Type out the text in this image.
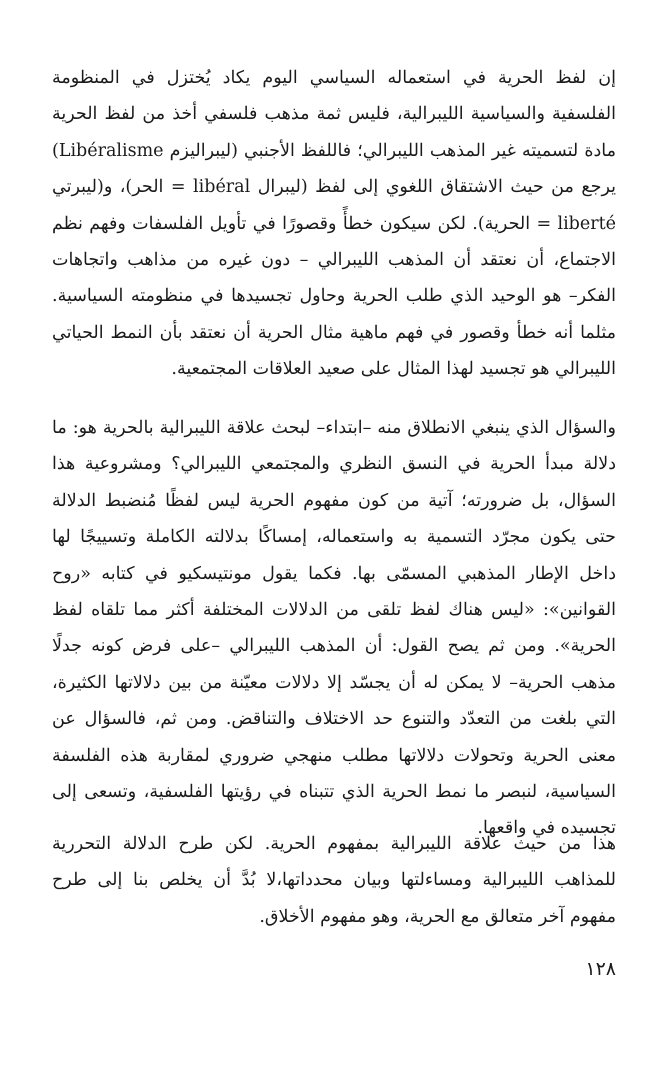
إن لفظ الحرية في استعماله السياسي اليوم يكاد يُختزل في المنظومة الفلسفية والسياسية الليبرالية، فليس ثمة مذهب فلسفي أخذ من لفظ الحرية مادة لتسميته غير المذهب الليبرالي؛ فاللفظ الأجنبي (ليبراليزم Libéralisme) يرجع من حيث الاشتقاق اللغوي إلى لفظ (ليبرال libéral = الحر)، و(ليبرتي liberté = الحرية). لكن سيكون خطأً وقصورًا في تأويل الفلسفات وفهم نظم الاجتماع، أن نعتقد أن المذهب الليبرالي – دون غيره من مذاهب واتجاهات الفكر– هو الوحيد الذي طلب الحرية وحاول تجسيدها في منظومته السياسية. مثلما أنه خطأ وقصور في فهم ماهية مثال الحرية أن نعتقد بأن النمط الحياتي الليبرالي هو تجسيد لهذا المثال على صعيد العلاقات المجتمعية.

والسؤال الذي ينبغي الانطلاق منه –ابتداء– لبحث علاقة الليبرالية بالحرية هو: ما دلالة مبدأ الحرية في النسق النظري والمجتمعي الليبرالي؟ ومشروعية هذا السؤال، بل ضرورته؛ آتية من كون مفهوم الحرية ليس لفظًا مُنضبط الدلالة حتى يكون مجرّد التسمية به واستعماله، إمساكًا بدلالته الكاملة وتسييجًا لها داخل الإطار المذهبي المسمّى بها. فكما يقول مونتيسكيو في كتابه «روح القوانين»: «ليس هناك لفظ تلقى من الدلالات المختلفة أكثر مما تلقاه لفظ الحرية». ومن ثم يصح القول: أن المذهب الليبرالي –على فرض كونه جدلًا مذهب الحرية– لا يمكن له أن يجسّد إلا دلالات معيّنة من بين دلالاتها الكثيرة، التي بلغت من التعدّد والتنوع حد الاختلاف والتناقض. ومن ثم، فالسؤال عن معنى الحرية وتحولات دلالاتها مطلب منهجي ضروري لمقاربة هذه الفلسفة السياسية، لنبصر ما نمط الحرية الذي تتبناه في رؤيتها الفلسفية، وتسعى إلى تجسيده في واقعها.

هذا من حيث علاقة الليبرالية بمفهوم الحرية. لكن طرح الدلالة التحررية للمذاهب الليبرالية ومساءلتها وبيان محدداتها،لا بُدَّ أن يخلص بنا إلى طرح مفهوم آخر متعالق مع الحرية، وهو مفهوم الأخلاق.

١٢٨
